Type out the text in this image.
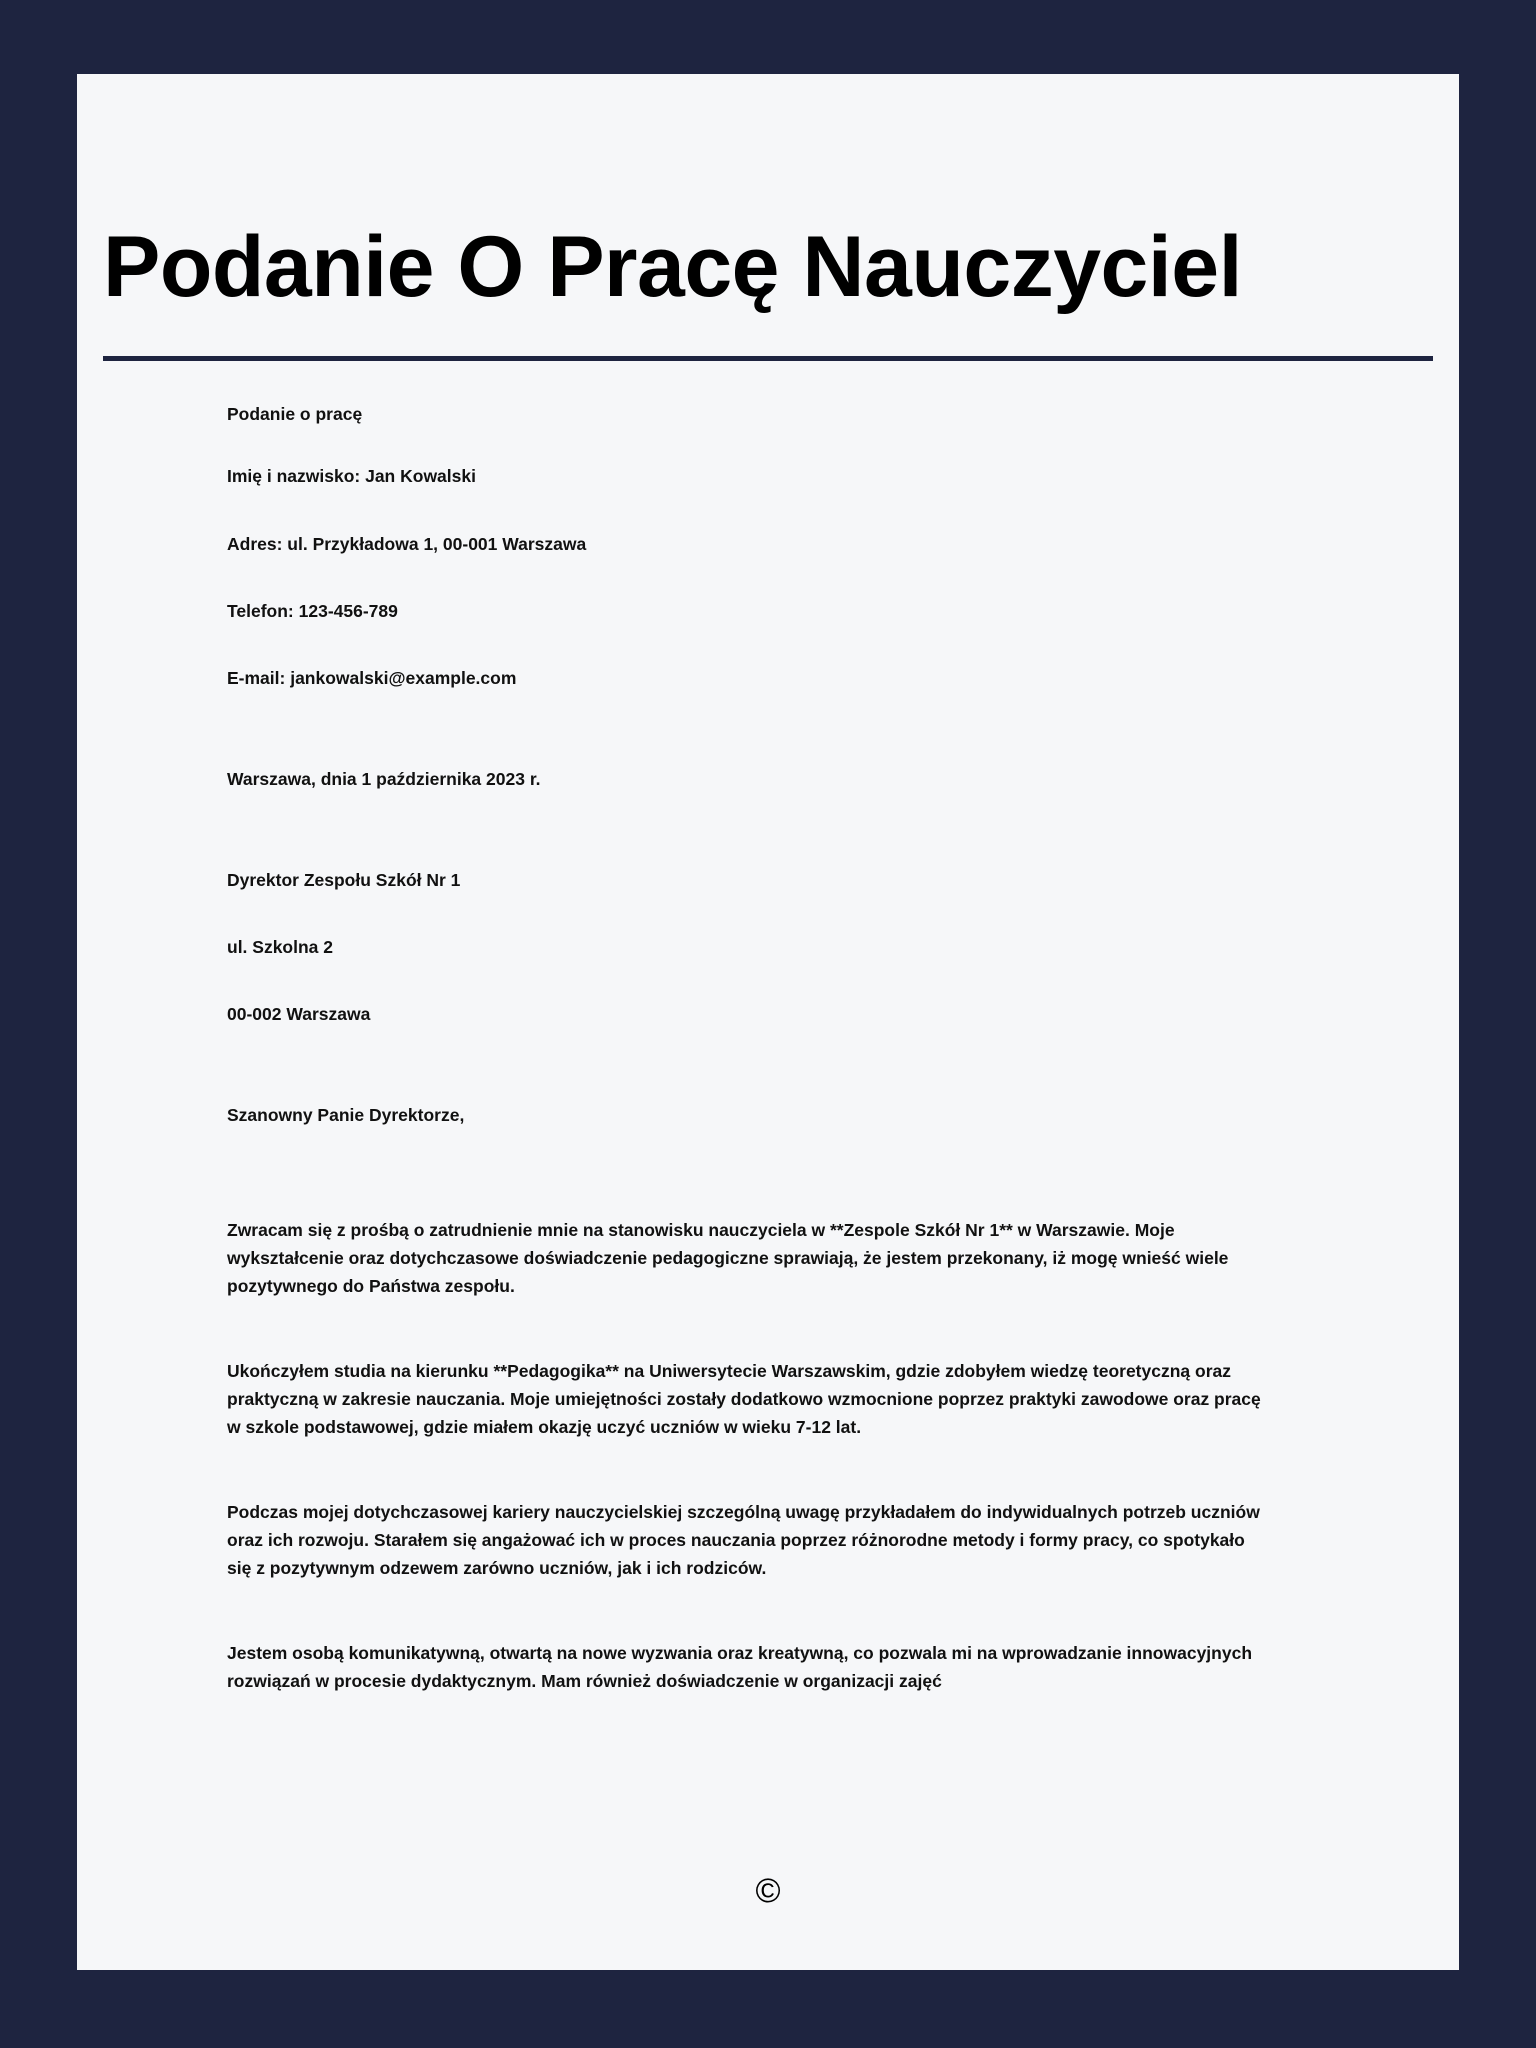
Podanie O Pracę Nauczyciel

Podanie o pracę

Imię i nazwisko: Jan Kowalski

Adres: ul. Przykładowa 1, 00-001 Warszawa

Telefon: 123-456-789

E-mail: jankowalski@example.com

Warszawa, dnia 1 października 2023 r.

Dyrektor Zespołu Szkół Nr 1

ul. Szkolna 2

00-002 Warszawa

Szanowny Panie Dyrektorze,

Zwracam się z prośbą o zatrudnienie mnie na stanowisku nauczyciela w **Zespole Szkół Nr 1** w Warszawie. Moje wykształcenie oraz dotychczasowe doświadczenie pedagogiczne sprawiają, że jestem przekonany, iż mogę wnieść wiele pozytywnego do Państwa zespołu.

Ukończyłem studia na kierunku **Pedagogika** na Uniwersytecie Warszawskim, gdzie zdobyłem wiedzę teoretyczną oraz praktyczną w zakresie nauczania. Moje umiejętności zostały dodatkowo wzmocnione poprzez praktyki zawodowe oraz pracę w szkole podstawowej, gdzie miałem okazję uczyć uczniów w wieku 7-12 lat.

Podczas mojej dotychczasowej kariery nauczycielskiej szczególną uwagę przykładałem do indywidualnych potrzeb uczniów oraz ich rozwoju. Starałem się angażować ich w proces nauczania poprzez różnorodne metody i formy pracy, co spotykało się z pozytywnym odzewem zarówno uczniów, jak i ich rodziców.

Jestem osobą komunikatywną, otwartą na nowe wyzwania oraz kreatywną, co pozwala mi na wprowadzanie innowacyjnych rozwiązań w procesie dydaktycznym. Mam również doświadczenie w organizacji zajęć

©
